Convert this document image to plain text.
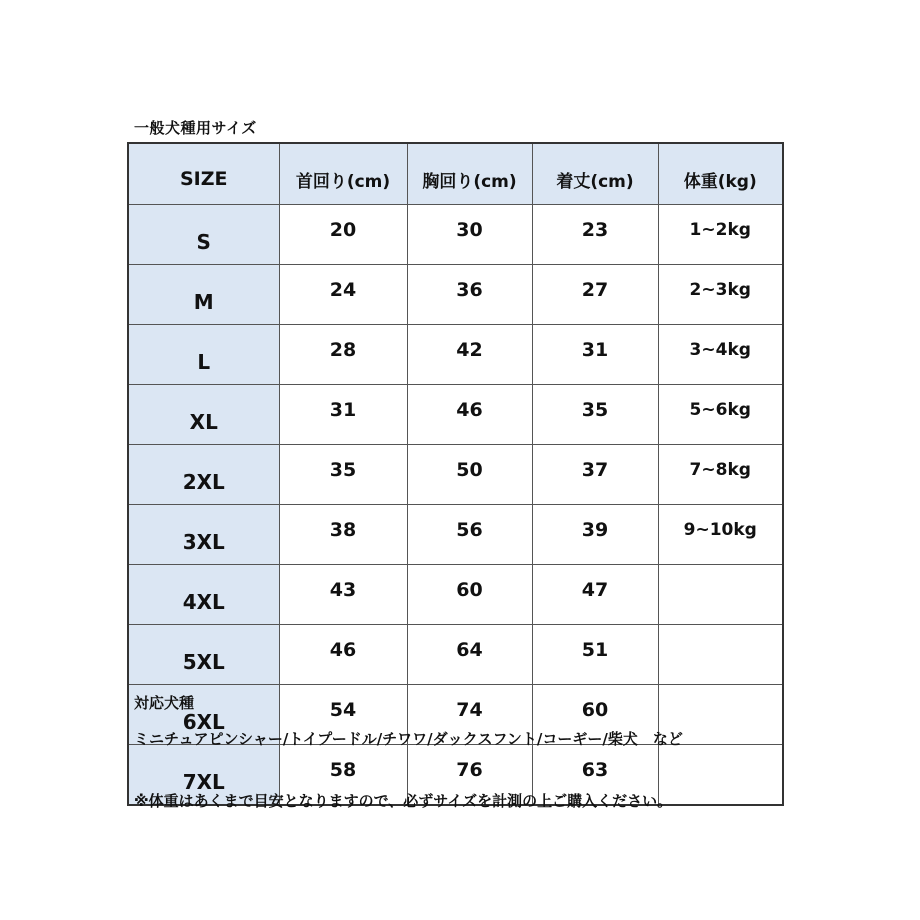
一般犬種用サイズ
SIZE	首回り(cm)	胸回り(cm)	着丈(cm)	体重(kg)
S	20	30	23	1~2kg
M	24	36	27	2~3kg
L	28	42	31	3~4kg
XL	31	46	35	5~6kg
2XL	35	50	37	7~8kg
3XL	38	56	39	9~10kg
4XL	43	60	47	
5XL	46	64	51	
6XL	54	74	60	
7XL	58	76	63	
対応犬種
ミニチュアピンシャー/トイプードル/チワワ/ダックスフント/コーギー/柴犬　など
※体重はあくまで目安となりますので、必ずサイズを計測の上ご購入ください。
